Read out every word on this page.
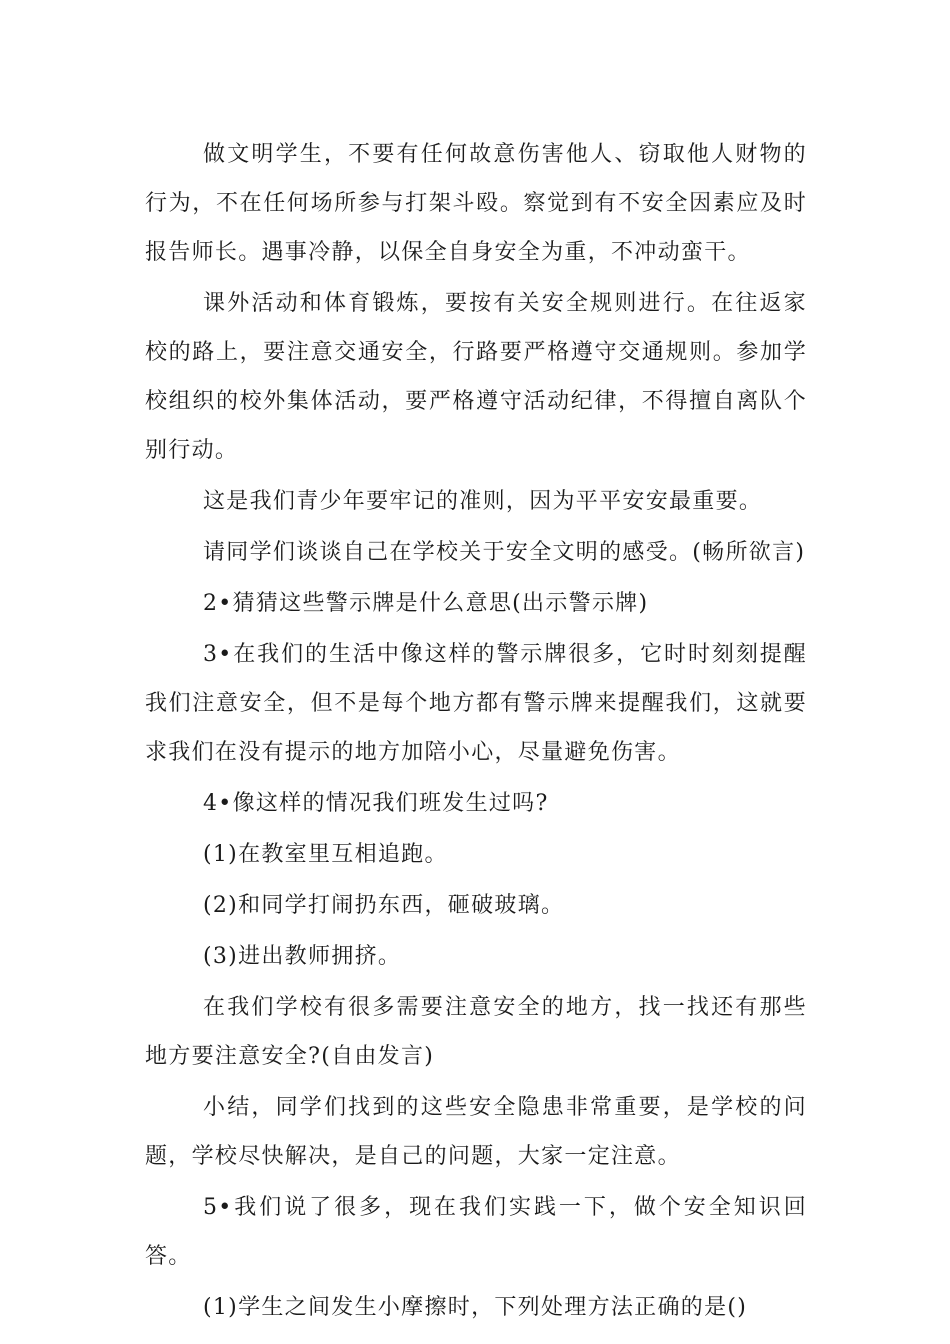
做文明学生，不要有任何故意伤害他人、窃取他人财物的行为，不在任何场所参与打架斗殴。察觉到有不安全因素应及时报告师长。遇事冷静，以保全自身安全为重，不冲动蛮干。

课外活动和体育锻炼，要按有关安全规则进行。在往返家校的路上，要注意交通安全，行路要严格遵守交通规则。参加学校组织的校外集体活动，要严格遵守活动纪律，不得擅自离队个别行动。

这是我们青少年要牢记的准则，因为平平安安最重要。

请同学们谈谈自己在学校关于安全文明的感受。(畅所欲言)

2•猜猜这些警示牌是什么意思(出示警示牌)

3•在我们的生活中像这样的警示牌很多，它时时刻刻提醒我们注意安全，但不是每个地方都有警示牌来提醒我们，这就要求我们在没有提示的地方加陪小心，尽量避免伤害。

4•像这样的情况我们班发生过吗?

(1)在教室里互相追跑。

(2)和同学打闹扔东西，砸破玻璃。

(3)进出教师拥挤。

在我们学校有很多需要注意安全的地方，找一找还有那些地方要注意安全?(自由发言)

小结，同学们找到的这些安全隐患非常重要，是学校的问题，学校尽快解决，是自己的问题，大家一定注意。

5•我们说了很多，现在我们实践一下，做个安全知识回答。

(1)学生之间发生小摩擦时，下列处理方法正确的是()
